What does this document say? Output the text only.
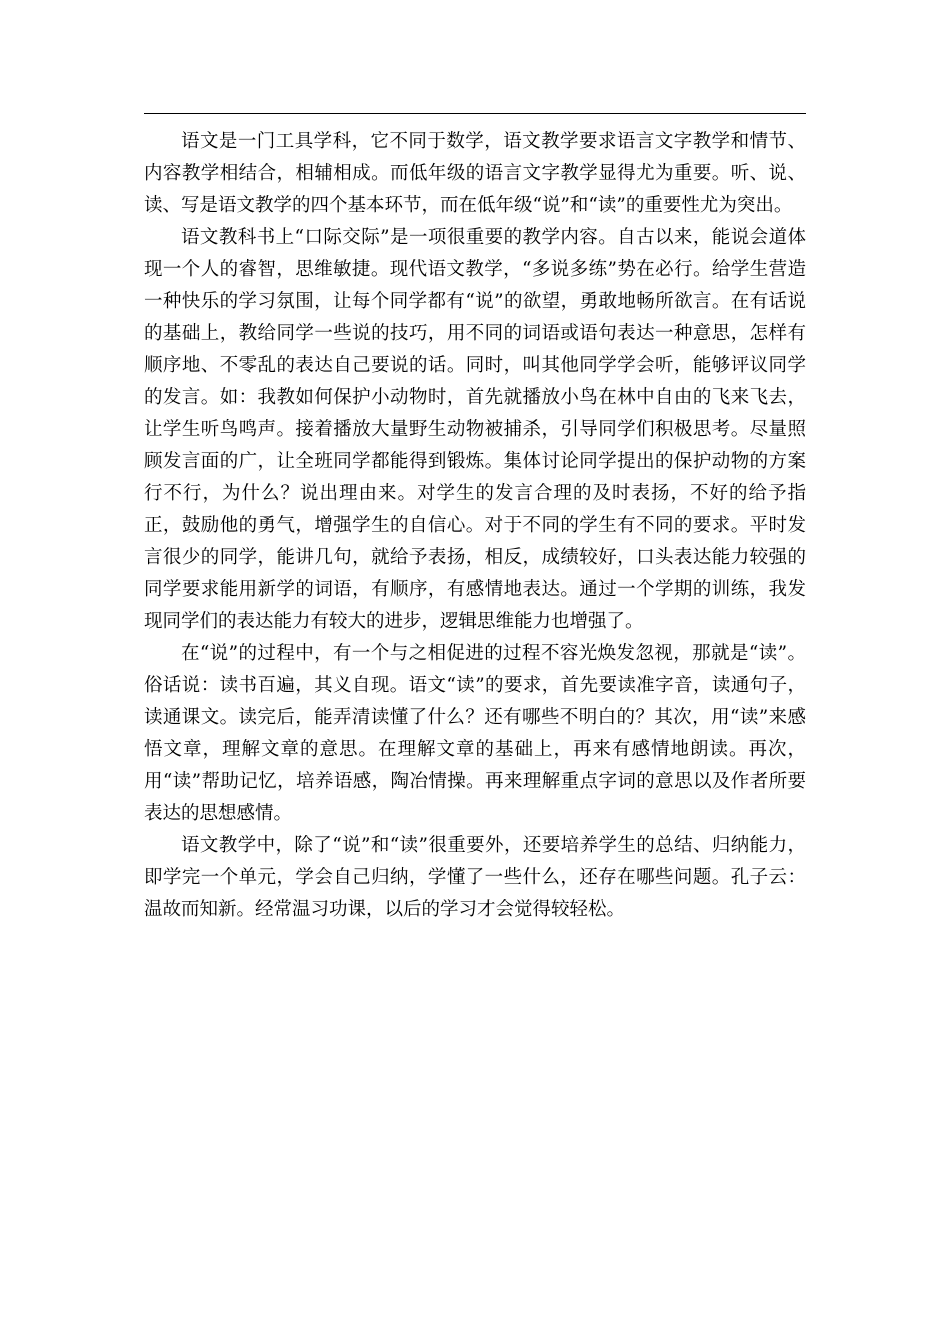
语文是一门工具学科，它不同于数学，语文教学要求语言文字教学和情节、内容教学相结合，相辅相成。而低年级的语言文字教学显得尤为重要。听、说、读、写是语文教学的四个基本环节，而在低年级“说”和“读”的重要性尤为突出。

语文教科书上“口际交际”是一项很重要的教学内容。自古以来，能说会道体现一个人的睿智，思维敏捷。现代语文教学，“多说多练”势在必行。给学生营造一种快乐的学习氛围，让每个同学都有“说”的欲望，勇敢地畅所欲言。在有话说的基础上，教给同学一些说的技巧，用不同的词语或语句表达一种意思，怎样有顺序地、不零乱的表达自己要说的话。同时，叫其他同学学会听，能够评议同学的发言。如：我教如何保护小动物时，首先就播放小鸟在林中自由的飞来飞去，让学生听鸟鸣声。接着播放大量野生动物被捕杀，引导同学们积极思考。尽量照顾发言面的广，让全班同学都能得到锻炼。集体讨论同学提出的保护动物的方案行不行，为什么？说出理由来。对学生的发言合理的及时表扬，不好的给予指正，鼓励他的勇气，增强学生的自信心。对于不同的学生有不同的要求。平时发言很少的同学，能讲几句，就给予表扬，相反，成绩较好，口头表达能力较强的同学要求能用新学的词语，有顺序，有感情地表达。通过一个学期的训练，我发现同学们的表达能力有较大的进步，逻辑思维能力也增强了。

在“说”的过程中，有一个与之相促进的过程不容光焕发忽视，那就是“读”。俗话说：读书百遍，其义自现。语文“读”的要求，首先要读准字音，读通句子，读通课文。读完后，能弄清读懂了什么？还有哪些不明白的？其次，用“读”来感悟文章，理解文章的意思。在理解文章的基础上，再来有感情地朗读。再次，用“读”帮助记忆，培养语感，陶冶情操。再来理解重点字词的意思以及作者所要表达的思想感情。

语文教学中，除了“说”和“读”很重要外，还要培养学生的总结、归纳能力，即学完一个单元，学会自己归纳，学懂了一些什么，还存在哪些问题。孔子云：温故而知新。经常温习功课，以后的学习才会觉得较轻松。
